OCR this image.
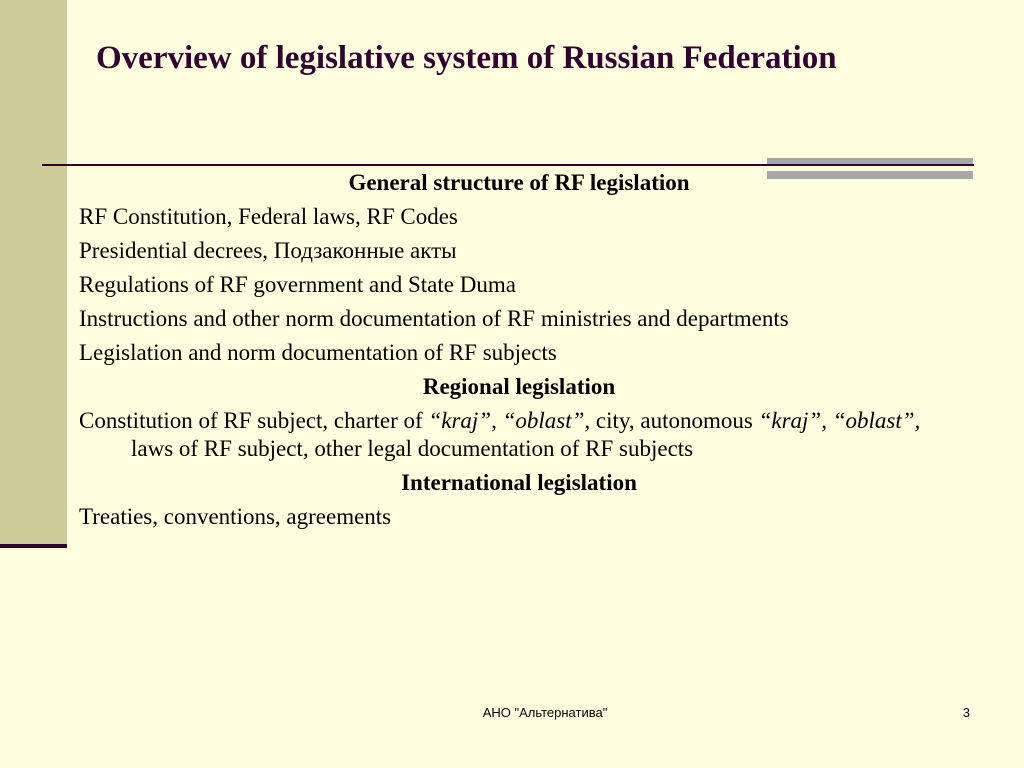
Overview of legislative system of Russian Federation
General structure of RF legislation
RF Constitution, Federal laws, RF Codes
Presidential decrees, Подзаконные акты
Regulations of RF government and State Duma
Instructions and other norm documentation of RF ministries and departments
Legislation and norm documentation of RF subjects
Regional legislation
Constitution of RF subject, charter of “kraj”, “oblast”, city, autonomous “kraj”, “oblast”, laws of RF subject, other legal documentation of RF subjects
International legislation
Treaties, conventions, agreements
АНО "Альтернатива"	3
